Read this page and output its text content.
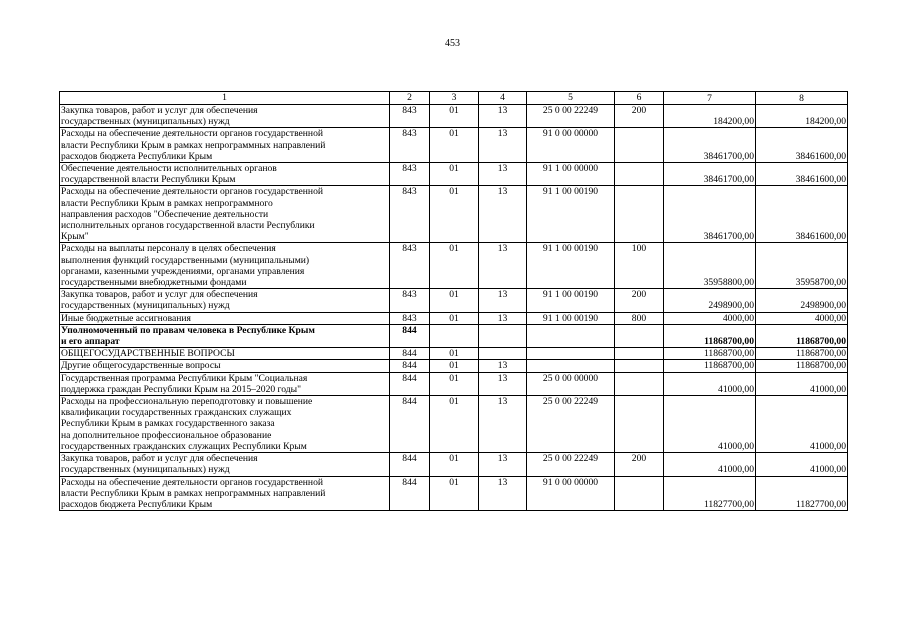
453
1	2	3	4	5	6	7	8

Закупка товаров, работ и услуг для обеспечения
государственных (муниципальных) нужд	843	01	13	25 0 00 22249	200	184200,00	184200,00

Расходы на обеспечение деятельности органов государственной
власти Республики Крым в рамках непрограммных направлений
расходов бюджета Республики Крым	843	01	13	91 0 00 00000		38461700,00	38461600,00

Обеспечение деятельности исполнительных органов
государственной власти Республики Крым	843	01	13	91 1 00 00000		38461700,00	38461600,00

Расходы на обеспечение деятельности органов государственной
власти Республики Крым в рамках непрограммного
направления расходов "Обеспечение деятельности
исполнительных органов государственной власти Республики
Крым"	843	01	13	91 1 00 00190		38461700,00	38461600,00

Расходы на выплаты персоналу в целях обеспечения
выполнения функций государственными (муниципальными)
органами, казенными учреждениями, органами управления
государственными внебюджетными фондами	843	01	13	91 1 00 00190	100	35958800,00	35958700,00

Закупка товаров, работ и услуг для обеспечения
государственных (муниципальных) нужд	843	01	13	91 1 00 00190	200	2498900,00	2498900,00

Иные бюджетные ассигнования	843	01	13	91 1 00 00190	800	4000,00	4000,00

Уполномоченный по правам человека в Республике Крым
и его аппарат	844					11868700,00	11868700,00

ОБЩЕГОСУДАРСТВЕННЫЕ ВОПРОСЫ	844	01				11868700,00	11868700,00

Другие общегосударственные вопросы	844	01	13			11868700,00	11868700,00

Государственная программа Республики Крым "Социальная
поддержка граждан Республики Крым на 2015–2020 годы"	844	01	13	25 0 00 00000		41000,00	41000,00

Расходы на профессиональную переподготовку и повышение
квалификации государственных гражданских служащих
Республики Крым в рамках государственного заказа
на дополнительное профессиональное образование
государственных гражданских служащих Республики Крым	844	01	13	25 0 00 22249		41000,00	41000,00

Закупка товаров, работ и услуг для обеспечения
государственных (муниципальных) нужд	844	01	13	25 0 00 22249	200	41000,00	41000,00

Расходы на обеспечение деятельности органов государственной
власти Республики Крым в рамках непрограммных направлений
расходов бюджета Республики Крым	844	01	13	91 0 00 00000		11827700,00	11827700,00
